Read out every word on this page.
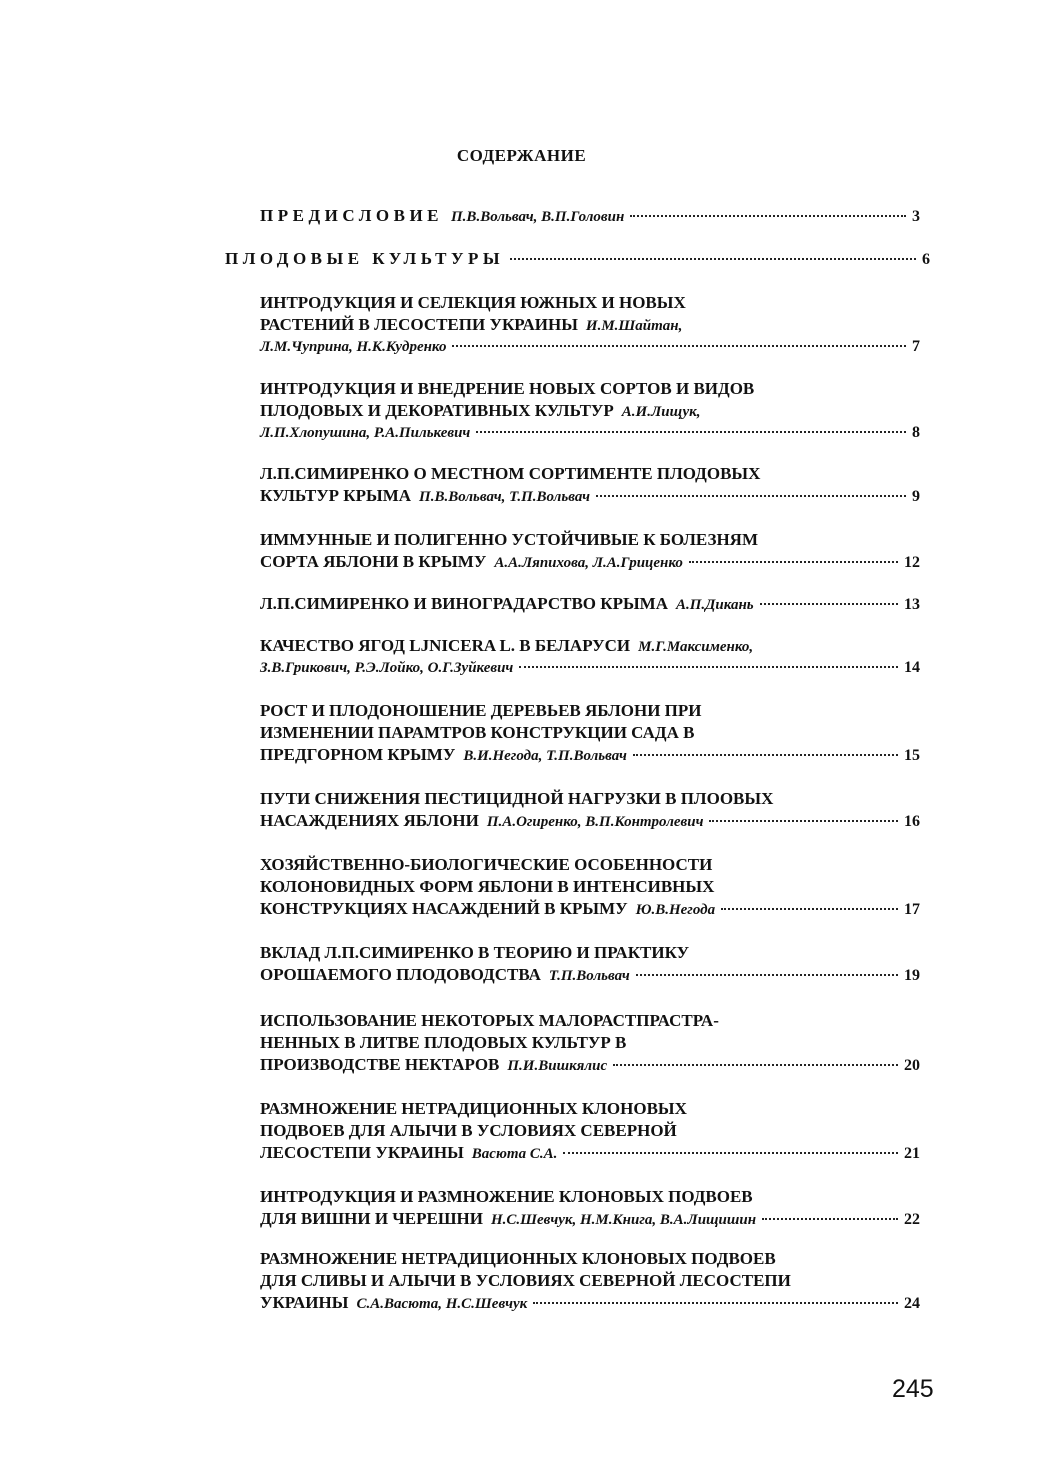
СОДЕРЖАНИЕ
ПРЕДИСЛОВИЕ П.В.Вольвач, В.П.Головин	3
ПЛОДОВЫЕ КУЛЬТУРЫ	6
ИНТРОДУКЦИЯ И СЕЛЕКЦИЯ ЮЖНЫХ И НОВЫХ
РАСТЕНИЙ В ЛЕСОСТЕПИ УКРАИНЫ И.М.Шайтан,
Л.М.Чуприна, Н.К.Кудренко	7
ИНТРОДУКЦИЯ И ВНЕДРЕНИЕ НОВЫХ СОРТОВ И ВИДОВ
ПЛОДОВЫХ И ДЕКОРАТИВНЫХ КУЛЬТУР А.И.Лищук,
Л.П.Хлопушина, Р.А.Пилькевич	8
Л.П.СИМИРЕНКО О МЕСТНОМ СОРТИМЕНТЕ ПЛОДОВЫХ
КУЛЬТУР КРЫМА П.В.Вольвач, Т.П.Вольвач	9
ИММУННЫЕ И ПОЛИГЕННО УСТОЙЧИВЫЕ К БОЛЕЗНЯМ
СОРТА ЯБЛОНИ В КРЫМУ А.А.Ляпихова, Л.А.Гриценко	12
Л.П.СИМИРЕНКО И ВИНОГРАДАРСТВО КРЫМА А.П.Дикань	13
КАЧЕСТВО ЯГОД LJNICERA L. В БЕЛАРУСИ М.Г.Максименко,
З.В.Грикович, Р.Э.Лойко, О.Г.Зуйкевич	14
РОСТ И ПЛОДОНОШЕНИЕ ДЕРЕВЬЕВ ЯБЛОНИ ПРИ
ИЗМЕНЕНИИ ПАРАМТРОВ КОНСТРУКЦИИ САДА В
ПРЕДГОРНОМ КРЫМУ В.И.Негода, Т.П.Вольвач	15
ПУТИ СНИЖЕНИЯ ПЕСТИЦИДНОЙ НАГРУЗКИ В ПЛООВЫХ
НАСАЖДЕНИЯХ ЯБЛОНИ П.А.Огиренко, В.П.Контролевич	16
ХОЗЯЙСТВЕННО-БИОЛОГИЧЕСКИЕ ОСОБЕННОСТИ
КОЛОНОВИДНЫХ ФОРМ ЯБЛОНИ В ИНТЕНСИВНЫХ
КОНСТРУКЦИЯХ НАСАЖДЕНИЙ В КРЫМУ Ю.В.Негода	17
ВКЛАД Л.П.СИМИРЕНКО В ТЕОРИЮ И ПРАКТИКУ
ОРОШАЕМОГО ПЛОДОВОДСТВА Т.П.Вольвач	19
ИСПОЛЬЗОВАНИЕ НЕКОТОРЫХ МАЛОРАСТПРАСТРА-
НЕННЫХ В ЛИТВЕ ПЛОДОВЫХ КУЛЬТУР В
ПРОИЗВОДСТВЕ НЕКТАРОВ П.И.Вишкялис	20
РАЗМНОЖЕНИЕ НЕТРАДИЦИОННЫХ КЛОНОВЫХ
ПОДВОЕВ ДЛЯ АЛЫЧИ В УСЛОВИЯХ СЕВЕРНОЙ
ЛЕСОСТЕПИ УКРАИНЫ Васюта С.А.	21
ИНТРОДУКЦИЯ И РАЗМНОЖЕНИЕ КЛОНОВЫХ ПОДВОЕВ
ДЛЯ ВИШНИ И ЧЕРЕШНИ Н.С.Шевчук, Н.М.Книга, В.А.Лищишин	22
РАЗМНОЖЕНИЕ НЕТРАДИЦИОННЫХ КЛОНОВЫХ ПОДВОЕВ
ДЛЯ СЛИВЫ И АЛЫЧИ В УСЛОВИЯХ СЕВЕРНОЙ ЛЕСОСТЕПИ
УКРАИНЫ С.А.Васюта, Н.С.Шевчук	24
245
